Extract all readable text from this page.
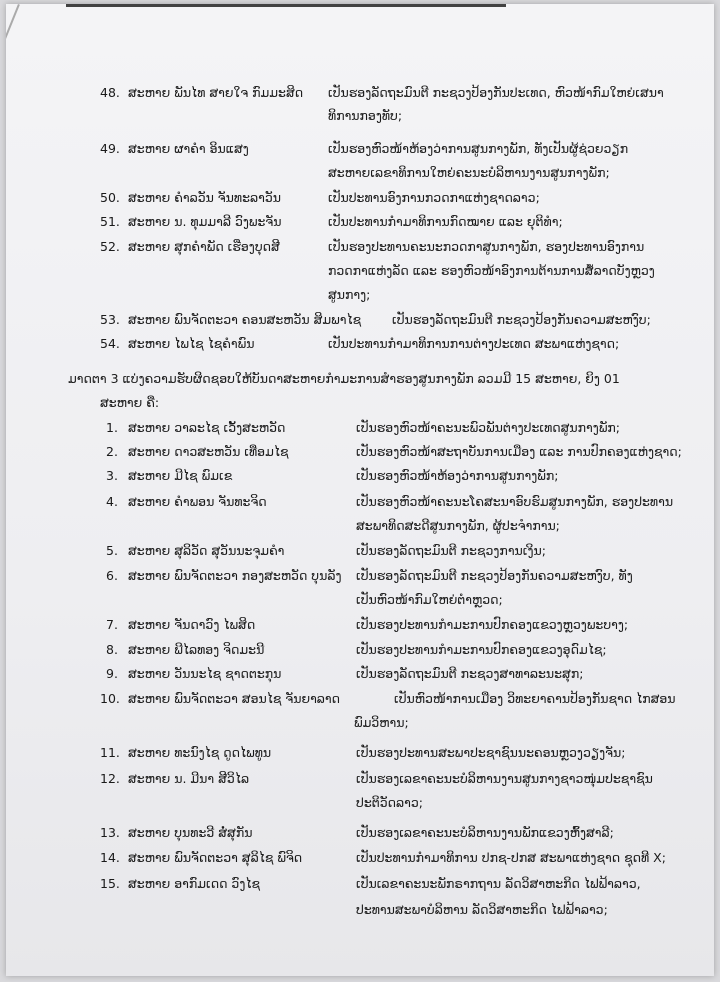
48. ສະຫາຍ ພັນໄທ ສາຍໃຈ ກົມມະສິດ ເປັນຮອງລັດຖະມົນຕີ ກະຊວງປ້ອງກັນປະເທດ, ຫົວໜ້າກົມໃຫຍ່ເສນາ
ທິການກອງທັບ;
49. ສະຫາຍ ຜາຄຳ ອິນແສງ	ເປັນຮອງຫົວໜ້າຫ້ອງວ່າການສູນກາງພັກ, ທັງເປັນຜູ້ຊ່ວຍວຽກ
ສະຫາຍເລຂາທິການໃຫຍ່ຄະນະບໍລິຫານງານສູນກາງພັກ;
50. ສະຫາຍ ຄຳລວັນ ຈັນທະລາວັນ	ເປັນປະທານອົງການກວດກາແຫ່ງຊາດລາວ;
51. ສະຫາຍ ນ. ທຸມມາລີ ວົງພະຈັນ	ເປັນປະທານກຳມາທິການກົດໝາຍ ແລະ ຍຸຕິທຳ;
52. ສະຫາຍ ສຸກຄຳພັດ ເຮືອງບຸດສີ	ເປັນຮອງປະທານຄະນະກວດກາສູນກາງພັກ, ຮອງປະທານອົງການ
ກວດກາແຫ່ງລັດ ແລະ ຮອງຫົວໜ້າອົງການຕ້ານການສໍ້ລາດບັງຫຼວງ
ສູນກາງ;
53. ສະຫາຍ ພົນຈັດຕະວາ ຄອນສະຫວັນ ສິມພາໄຊ ເປັນຮອງລັດຖະມົນຕີ ກະຊວງປ້ອງກັນຄວາມສະຫງົບ;
54. ສະຫາຍ ໄພໄຊ ໄຊຄຳພົນ	ເປັນປະທານກຳມາທິການການຕ່າງປະເທດ ສະພາແຫ່ງຊາດ;
ມາດຕາ 3 ແບ່ງຄວາມຮັບຜິດຊອບໃຫ້ບັນດາສະຫາຍກຳມະການສຳຮອງສູນກາງພັກ ລວມມີ 15 ສະຫາຍ, ຍິງ 01
ສະຫາຍ ຄື:
1. ສະຫາຍ ວາລະໄຊ ເວັ້ງສະຫວັດ	ເປັນຮອງຫົວໜ້າຄະນະພົວພັນຕ່າງປະເທດສູນກາງພັກ;
2. ສະຫາຍ ດາວສະຫວັນ ເທືອມໄຊ	ເປັນຮອງຫົວໜ້າສະຖາບັນການເມືອງ ແລະ ການປົກຄອງແຫ່ງຊາດ;
3. ສະຫາຍ ມີໄຊ ພົມເຂ	ເປັນຮອງຫົວໜ້າຫ້ອງວ່າການສູນກາງພັກ;
4. ສະຫາຍ ຄຳພອນ ຈັນທະຈິດ	ເປັນຮອງຫົວໜ້າຄະນະໂຄສະນາອົບຮົມສູນກາງພັກ, ຮອງປະທານ
ສະພາທິດສະດີສູນກາງພັກ, ຜູ້ປະຈຳການ;
5. ສະຫາຍ ສຸລິວັດ ສຸວັນນະຈຸມຄຳ	ເປັນຮອງລັດຖະມົນຕີ ກະຊວງການເງິນ;
6. ສະຫາຍ ພົນຈັດຕະວາ ກອງສະຫວັດ ບຸນລັງ ເປັນຮອງລັດຖະມົນຕີ ກະຊວງປ້ອງກັນຄວາມສະຫງົບ, ທັງ
ເປັນຫົວໜ້າກົມໃຫຍ່ຕຳຫຼວດ;
7. ສະຫາຍ ຈັນດາວົງ ໄພສິດ	ເປັນຮອງປະທານກຳມະການປົກຄອງແຂວງຫຼວງພະບາງ;
8. ສະຫາຍ ພີໄລທອງ ຈິດມະນີ	ເປັນຮອງປະທານກຳມະການປົກຄອງແຂວງອຸດົມໄຊ;
9. ສະຫາຍ ວັນນະໄຊ ຊາດຕະກຸນ	ເປັນຮອງລັດຖະມົນຕີ ກະຊວງສາທາລະນະສຸກ;
10. ສະຫາຍ ພົນຈັດຕະວາ ສອນໄຊ ຈັນຍາລາດ	ເປັນຫົວໜ້າການເມືອງ ວິທະຍາຄານປ້ອງກັນຊາດ ໄກສອນ
ພົມວິຫານ;
11. ສະຫາຍ ທະນົງໄຊ ດູດໄພທູນ	ເປັນຮອງປະທານສະພາປະຊາຊົນນະຄອນຫຼວງວຽງຈັນ;
12. ສະຫາຍ ນ. ມີນາ ສີວິໄລ	ເປັນຮອງເລຂາຄະນະບໍລິຫານງານສູນກາງຊາວໜຸ່ມປະຊາຊົນ
ປະຕິວັດລາວ;
13. ສະຫາຍ ບຸນທະວີ ສໍ່ສຸກັນ	ເປັນຮອງເລຂາຄະນະບໍລິຫານງານພັກແຂວງຫົ້ງສາລີ;
14. ສະຫາຍ ພົນຈັດຕະວາ ສຸລິໄຊ ພົຈິດ	ເປັນປະທານກຳມາທິການ ປກຊ-ປກສ ສະພາແຫ່ງຊາດ ຊຸດທີ X;
15. ສະຫາຍ ອາກົມເດດ ວົງໄຊ	ເປັນເລຂາຄະນະພັກຣາກຖານ ລັດວິສາຫະກິດ ໄຟຟ້າລາວ,
ປະທານສະພາບໍລິຫານ ລັດວິສາຫະກິດ ໄຟຟ້າລາວ;
